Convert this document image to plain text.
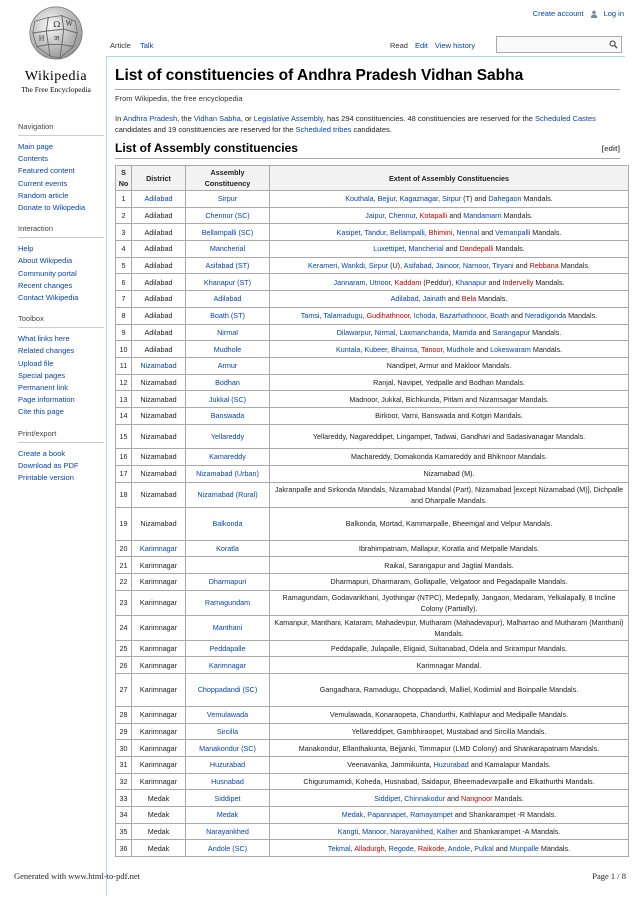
Create account	Log in
Ω W
И ज
Wikipedia
The Free Encyclopedia
Navigation
Main page
Contents
Featured content
Current events
Random article
Donate to Wikipedia
Interaction
Help
About Wikipedia
Community portal
Recent changes
Contact Wikipedia
Toolbox
What links here
Related changes
Upload file
Special pages
Permanent link
Page information
Cite this page
Print/export
Create a book
Download as PDF
Printable version
Article Talk	Read Edit View history
List of constituencies of Andhra Pradesh Vidhan Sabha
From Wikipedia, the free encyclopedia

In Andhra Pradesh, the Vidhan Sabha, or Legislative Assembly, has 294 constituencies. 48 constituencies are reserved for the Scheduled Castes candidates and 19 constituencies are reserved for the Scheduled tribes candidates.

List of Assembly constituencies	[edit]
S No	District	Assembly Constituency	Extent of Assembly Constituencies
1	Adilabad	Sirpur	Kouthala, Bejjur, Kagaznagar, Sirpur (T) and Dahegaon Mandals.
2	Adilabad	Chennur (SC)	Jaipur, Chennur, Kotapalli and Mandamarri Mandals.
3	Adilabad	Bellampalli (SC)	Kasipet, Tandur, Bellampalli, Bhimini, Nennal and Vemanpalli Mandals.
4	Adilabad	Mancherial	Luxettipet, Mancherial and Dandepalli Mandals.
5	Adilabad	Asifabad (ST)	Kerameri, Wankdi, Sirpur (U), Asifabad, Jainoor, Narnoor, Tiryani and Rebbana Mandals.
6	Adilabad	Khanapur (ST)	Jannaram, Utnoor, Kaddam (Peddur), Khanapur and Indervelly Mandals.
7	Adilabad	Adilabad	Adilabad, Jainath and Bela Mandals.
8	Adilabad	Boath (ST)	Tamsi, Talamadugu, Gudihathnoor, Ichoda, Bazarhathnoor, Boath and Neradigonda Mandals.
9	Adilabad	Nirmal	Dilawarpur, Nirmal, Laxmanchanda, Mamda and Sarangapur Mandals.
10	Adilabad	Mudhole	Kuntala, Kubeer, Bhainsa, Tanoor, Mudhole and Lokeswaram Mandals.
11	Nizamabad	Armur	Nandipet, Armur and Makloor Mandals.
12	Nizamabad	Bodhan	Ranjal, Navipet, Yedpalle and Bodhan Mandals.
13	Nizamabad	Jukkal (SC)	Madnoor, Jukkal, Bichkunda, Pitlam and Nizamsagar Mandals.
14	Nizamabad	Banswada	Birkoor, Varni, Banswada and Kotgiri Mandals.
15	Nizamabad	Yellareddy	Yellareddy, Nagareddipet, Lingampet, Tadwai, Gandhari and Sadasivanagar Mandals.
16	Nizamabad	Kamareddy	Machareddy, Domakonda Kamareddy and Bhiknoor Mandals.
17	Nizamabad	Nizamabad (Urban)	Nizamabad (M).
18	Nizamabad	Nizamabad (Rural)	Jakranpalle and Sirkonda Mandals, Nizamabad Mandal (Part), Nizamabad [except Nizamabad (M)], Dichpalle and Dharpalle Mandals.
19	Nizamabad	Balkonda	Balkonda, Mortad, Kammarpalle, Bheemgal and Velpur Mandals.
20	Karimnagar	Koratla	Ibrahimpatnam, Mallapur, Koratla and Metpalle Mandals.
21	Karimnagar		Raikal, Sarangapur and Jagtial Mandals.
22	Karimnagar	Dharmapuri	Dharmapuri, Dharmaram, Gollapalle, Velgatoor and Pegadapalle Mandals.
23	Karimnagar	Ramagundam	Ramagundam, Godavarikhani, Jyothingar (NTPC), Medepally, Jangaon, Medaram, Yelkalapally, 8 Incline Colony (Partially).
24	Karimnagar	Manthani	Kamanpur, Manthani, Kataram, Mahadevpur, Mutharam (Mahadevapur), Malharrao and Mutharam (Manthani) Mandals.
25	Karimnagar	Peddapalle	Peddapalle, Julapalle, Eligaid, Sultanabad, Odela and Srirampur Mandals.
26	Karimnagar	Karimnagar	Karimnagar Mandal.
27	Karimnagar	Choppadandi (SC)	Gangadhara, Ramadugu, Choppadandi, Malliel, Kodimial and Boinpalle Mandals.
28	Karimnagar	Vemulawada	Vemulawada, Konaraopeta, Chandurthi, Kathlapur and Medipalle Mandals.
29	Karimnagar	Sircilla	Yellareddipet, Gambhiraopet, Mustabad and Sircilla Mandals.
30	Karimnagar	Manakondur (SC)	Manakondur, Ellanthakunta, Bejjanki, Timmapur (LMD Colony) and Shankarapatnam Mandals.
31	Karimnagar	Huzurabad	Veenavanka, Jammikunta, Huzurabad and Kamalapur Mandals.
32	Karimnagar	Husnabad	Chigurumamidi, Koheda, Husnabad, Saidapur, Bheemadevarpalle and Elkathurthi Mandals.
33	Medak	Siddipet	Siddipet, Chinnakodur and Nangnoor Mandals.
34	Medak	Medak	Medak, Papannapet, Ramayampet and Shankarampet -R Mandals.
35	Medak	Narayankhed	Kangti, Manoor, Narayankhed, Kalher and Shankarampet -A Mandals.
36	Medak	Andole (SC)	Tekmal, Alladurgh, Regode, Raikode, Andole, Pulkal and Munpalle Mandals.
Generated with www.html-to-pdf.net	Page 1 / 8
